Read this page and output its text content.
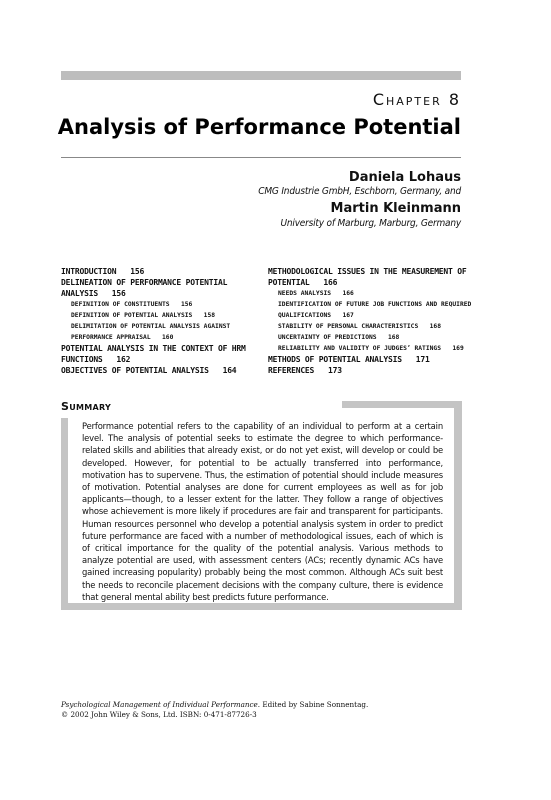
Chapter 8
Analysis of Performance Potential
Daniela Lohaus
CMG Industrie GmbH, Eschborn, Germany, and
Martin Kleinmann
University of Marburg, Marburg, Germany

INTRODUCTION   156

DELINEATION OF PERFORMANCE POTENTIAL ANALYSIS   156

DEFINITION OF CONSTITUENTS   156

DEFINITION OF POTENTIAL ANALYSIS   158

DELIMITATION OF POTENTIAL ANALYSIS AGAINST PERFORMANCE APPRAISAL   160

POTENTIAL ANALYSIS IN THE CONTEXT OF HRM FUNCTIONS   162

OBJECTIVES OF POTENTIAL ANALYSIS   164

METHODOLOGICAL ISSUES IN THE MEASUREMENT OF POTENTIAL   166

NEEDS ANALYSIS   166

IDENTIFICATION OF FUTURE JOB FUNCTIONS AND REQUIRED QUALIFICATIONS   167

STABILITY OF PERSONAL CHARACTERISTICS   168

UNCERTAINTY OF PREDICTIONS   168

RELIABILITY AND VALIDITY OF JUDGES’ RATINGS   169

METHODS OF POTENTIAL ANALYSIS   171

REFERENCES   173

Summary
Performance potential refers to the capability of an individual to perform at a certain level. The analysis of potential seeks to estimate the degree to which performance-related skills and abilities that already exist, or do not yet exist, will develop or could be developed. However, for potential to be actually transferred into performance, motivation has to supervene. Thus, the estimation of potential should include measures of motivation. Potential analyses are done for current employees as well as for job applicants—though, to a lesser extent for the latter. They follow a range of objectives whose achievement is more likely if procedures are fair and transparent for participants. Human resources personnel who develop a potential analysis system in order to predict future performance are faced with a number of methodological issues, each of which is of critical importance for the quality of the potential analysis. Various methods to analyze potential are used, with assessment centers (ACs; recently dynamic ACs have gained increasing popularity) probably being the most common. Although ACs suit best the needs to reconcile placement decisions with the company culture, there is evidence that general mental ability best predicts future performance.
Psychological Management of Individual Performance. Edited by Sabine Sonnentag.
© 2002 John Wiley & Sons, Ltd. ISBN: 0-471-87726-3
